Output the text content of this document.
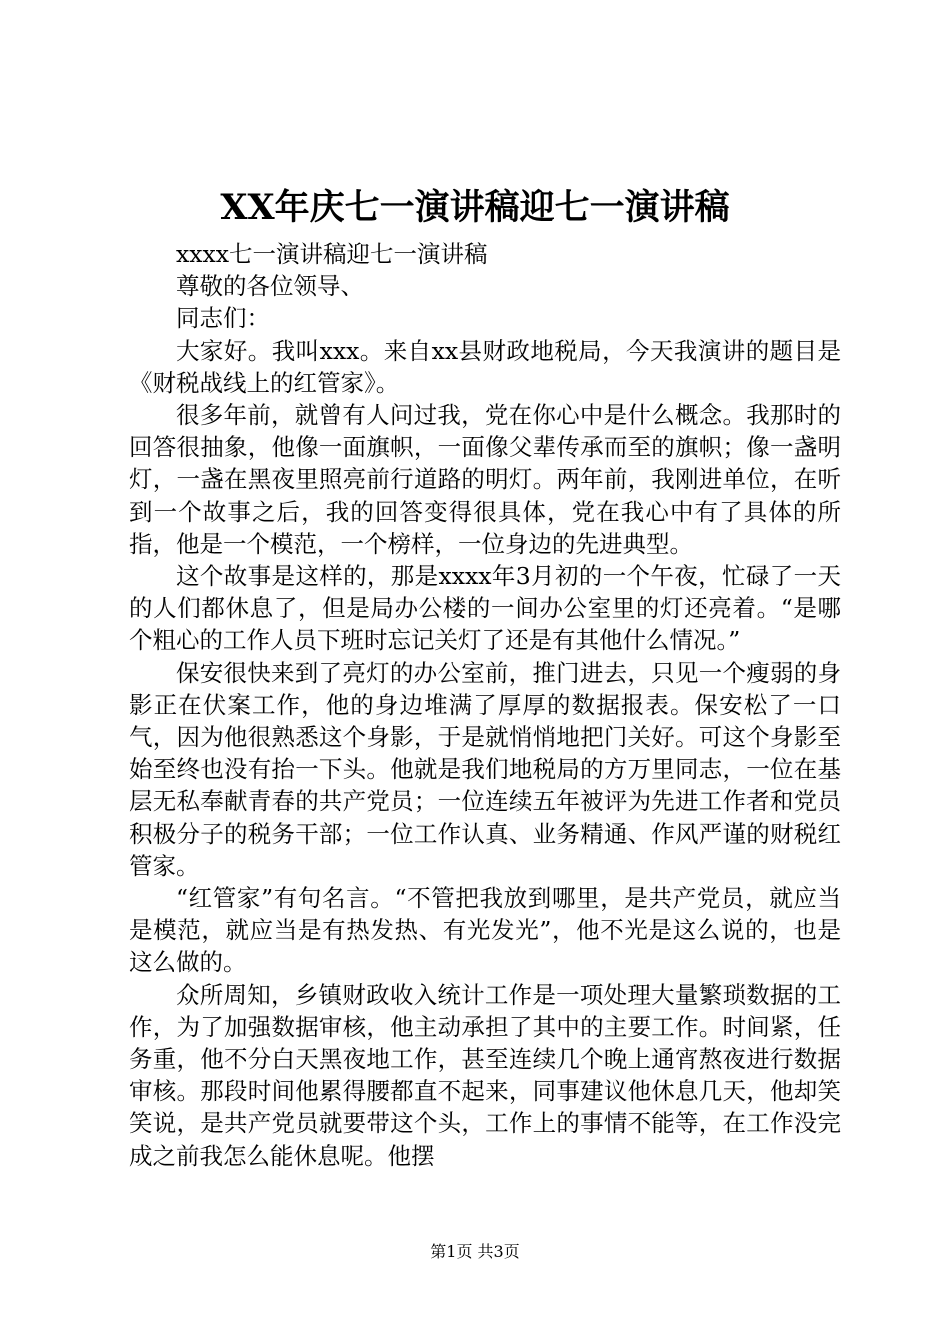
XX年庆七一演讲稿迎七一演讲稿

xxxx七一演讲稿迎七一演讲稿

尊敬的各位领导、

同志们：

大家好。我叫xxx。来自xx县财政地税局，今天我演讲的题目是《财税战线上的红管家》。

很多年前，就曾有人问过我，党在你心中是什么概念。我那时的回答很抽象，他像一面旗帜，一面像父辈传承而至的旗帜；像一盏明灯，一盏在黑夜里照亮前行道路的明灯。两年前，我刚进单位，在听到一个故事之后，我的回答变得很具体，党在我心中有了具体的所指，他是一个模范，一个榜样，一位身边的先进典型。

这个故事是这样的，那是xxxx年3月初的一个午夜，忙碌了一天的人们都休息了，但是局办公楼的一间办公室里的灯还亮着。“是哪个粗心的工作人员下班时忘记关灯了还是有其他什么情况。”

保安很快来到了亮灯的办公室前，推门进去，只见一个瘦弱的身影正在伏案工作，他的身边堆满了厚厚的数据报表。保安松了一口气，因为他很熟悉这个身影，于是就悄悄地把门关好。可这个身影至始至终也没有抬一下头。他就是我们地税局的方万里同志，一位在基层无私奉献青春的共产党员；一位连续五年被评为先进工作者和党员积极分子的税务干部；一位工作认真、业务精通、作风严谨的财税红管家。

“红管家”有句名言。“不管把我放到哪里，是共产党员，就应当是模范，就应当是有热发热、有光发光”，他不光是这么说的，也是这么做的。

众所周知，乡镇财政收入统计工作是一项处理大量繁琐数据的工作，为了加强数据审核，他主动承担了其中的主要工作。时间紧，任务重，他不分白天黑夜地工作，甚至连续几个晚上通宵熬夜进行数据审核。那段时间他累得腰都直不起来，同事建议他休息几天，他却笑笑说，是共产党员就要带这个头，工作上的事情不能等，在工作没完成之前我怎么能休息呢。他摆

第1页 共3页
